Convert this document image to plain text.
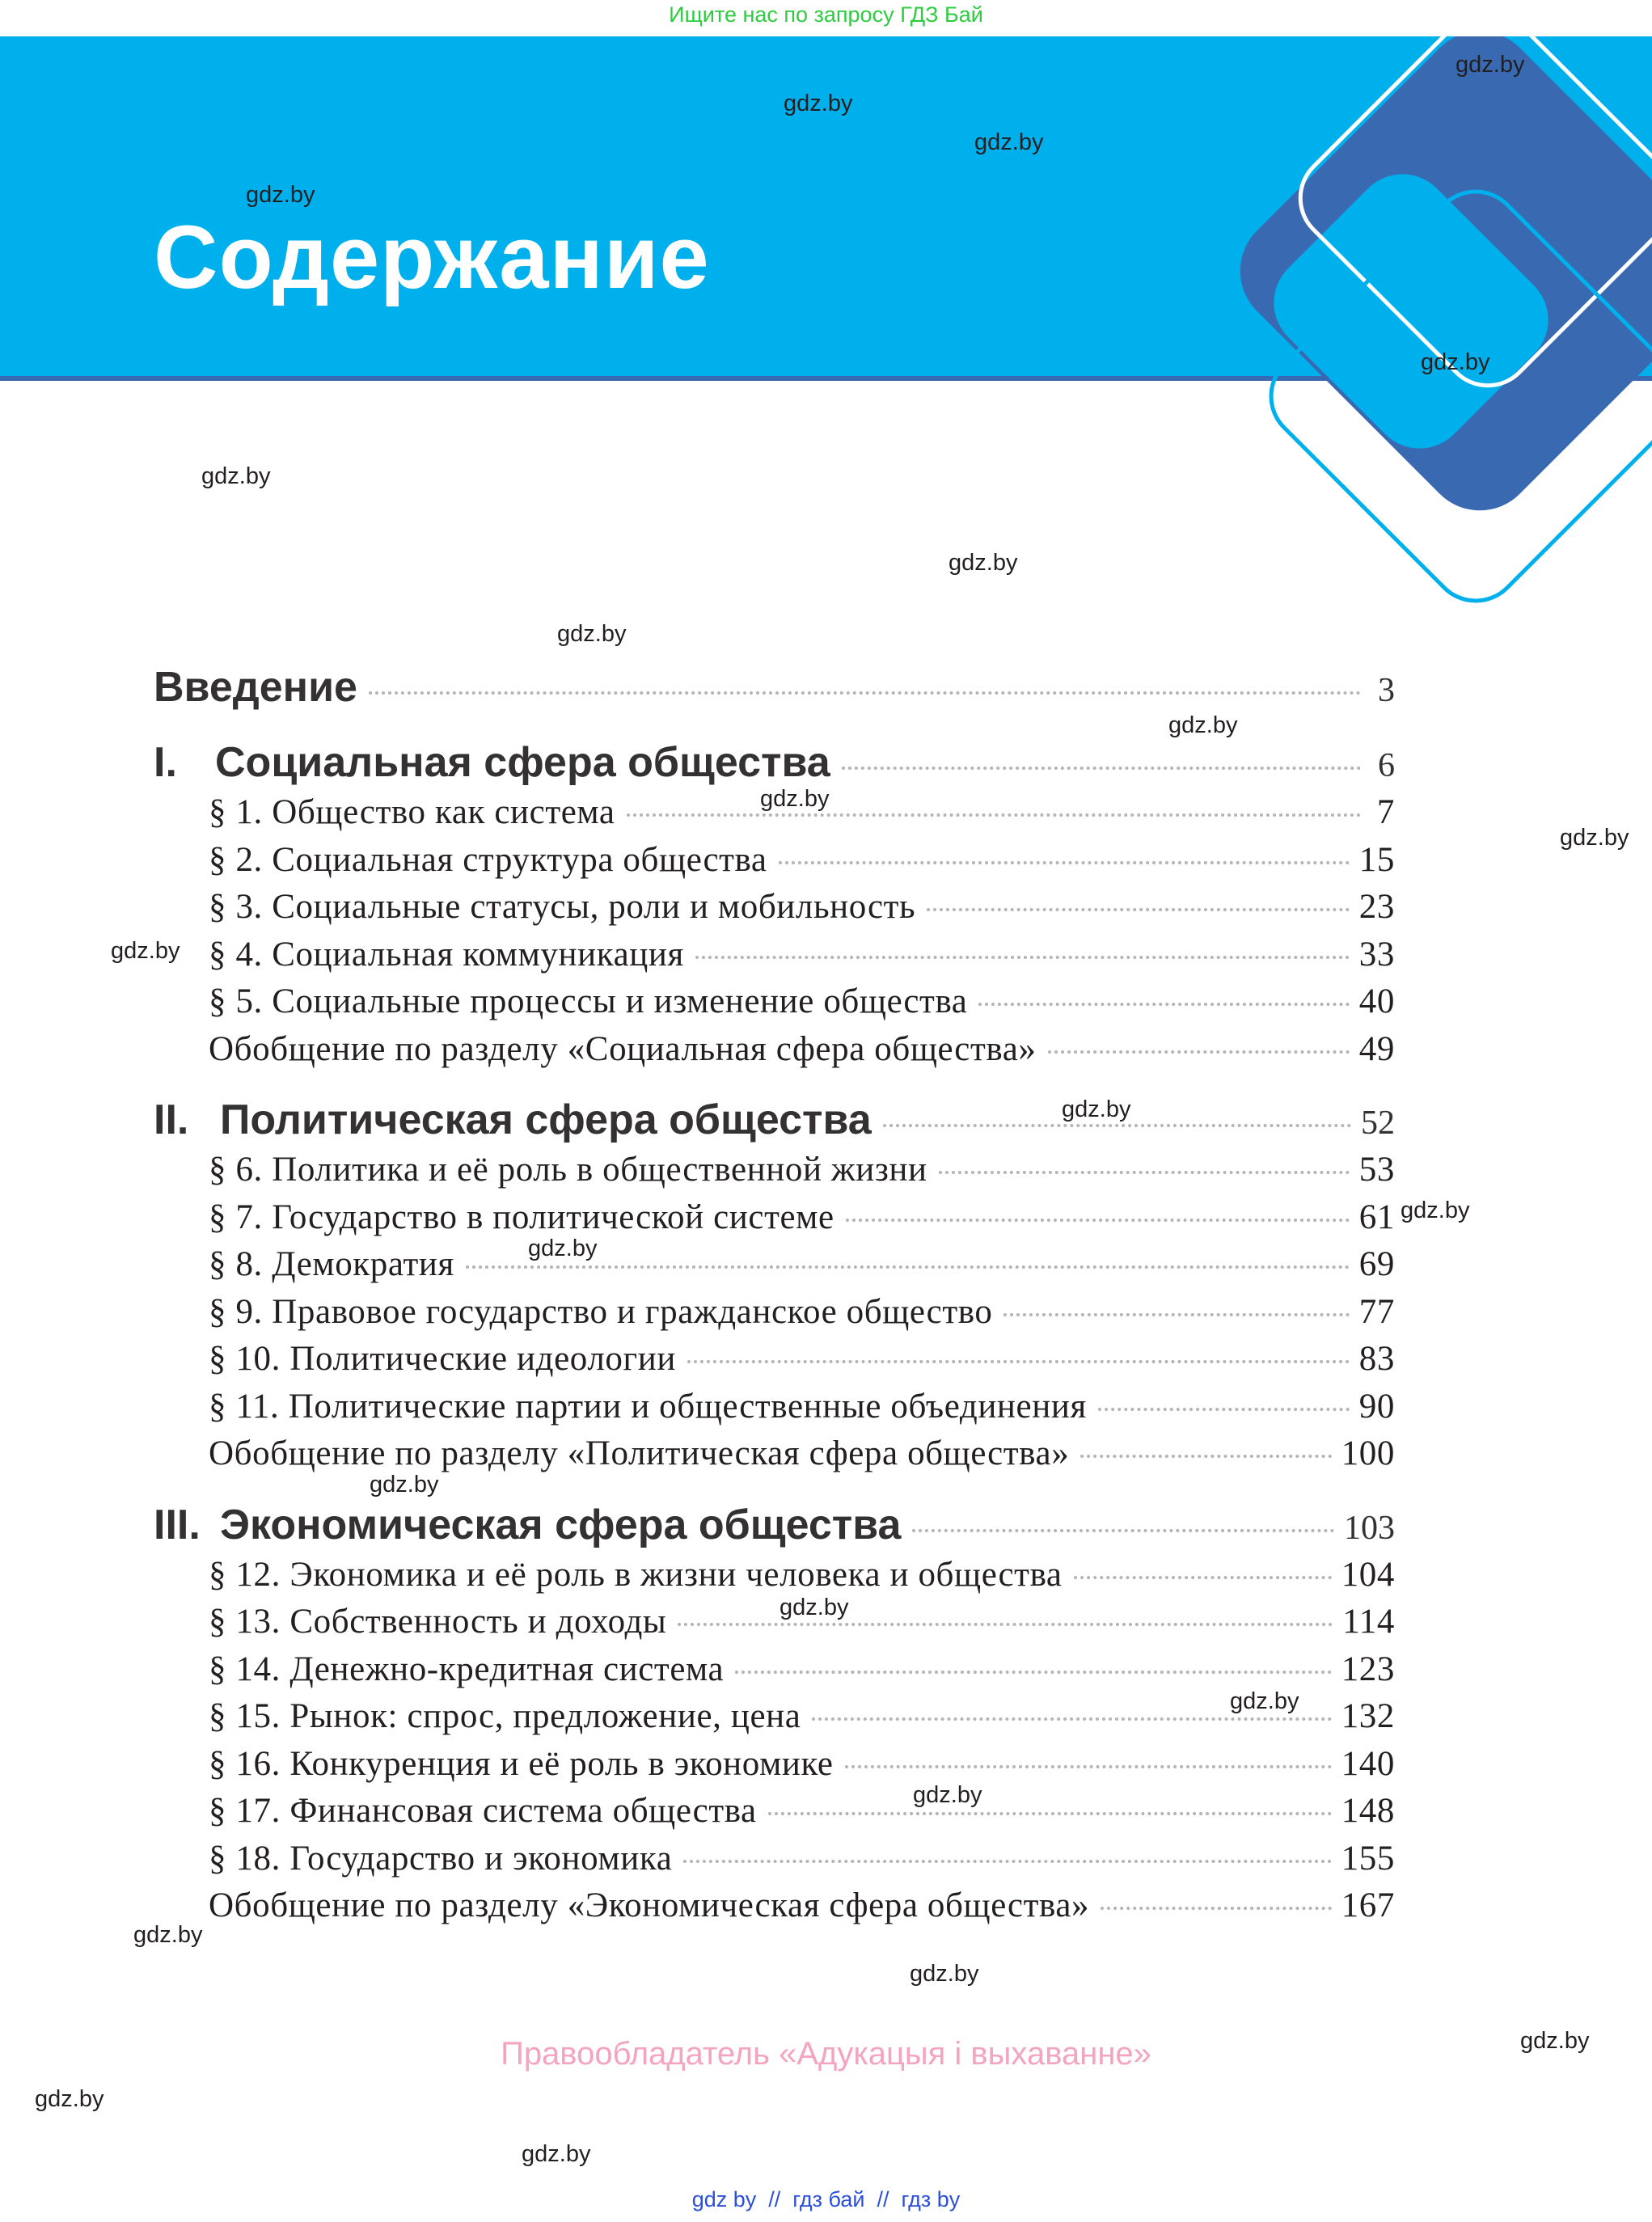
Ищите нас по запросу ГДЗ Бай
Содержание
Введение	3
I. Социальная сфера общества	6
§ 1. Общество как система	7
§ 2. Социальная структура общества	15
§ 3. Социальные статусы, роли и мобильность	23
§ 4. Социальная коммуникация	33
§ 5. Социальные процессы и изменение общества	40
Обобщение по разделу «Социальная сфера общества»	49
II. Политическая сфера общества	52
§ 6. Политика и её роль в общественной жизни	53
§ 7. Государство в политической системе	61
§ 8. Демократия	69
§ 9. Правовое государство и гражданское общество	77
§ 10. Политические идеологии	83
§ 11. Политические партии и общественные объединения	90
Обобщение по разделу «Политическая сфера общества»	100
III. Экономическая сфера общества	103
§ 12. Экономика и её роль в жизни человека и общества	104
§ 13. Собственность и доходы	114
§ 14. Денежно-кредитная система	123
§ 15. Рынок: спрос, предложение, цена	132
§ 16. Конкуренция и её роль в экономике	140
§ 17. Финансовая система общества	148
§ 18. Государство и экономика	155
Обобщение по разделу «Экономическая сфера общества»	167
gdz.by
gdz.by
gdz.by
gdz.by
gdz.by
gdz.by
gdz.by
gdz.by
gdz.by
gdz.by
gdz.by
gdz.by
gdz.by
gdz.by
gdz.by
gdz.by
gdz.by
gdz.by
gdz.by
gdz.by
gdz.by
gdz.by
gdz.by
gdz.by
Правообладатель «Адукацыя і выхаванне»
gdz by  //  гдз бай  //  гдз by
